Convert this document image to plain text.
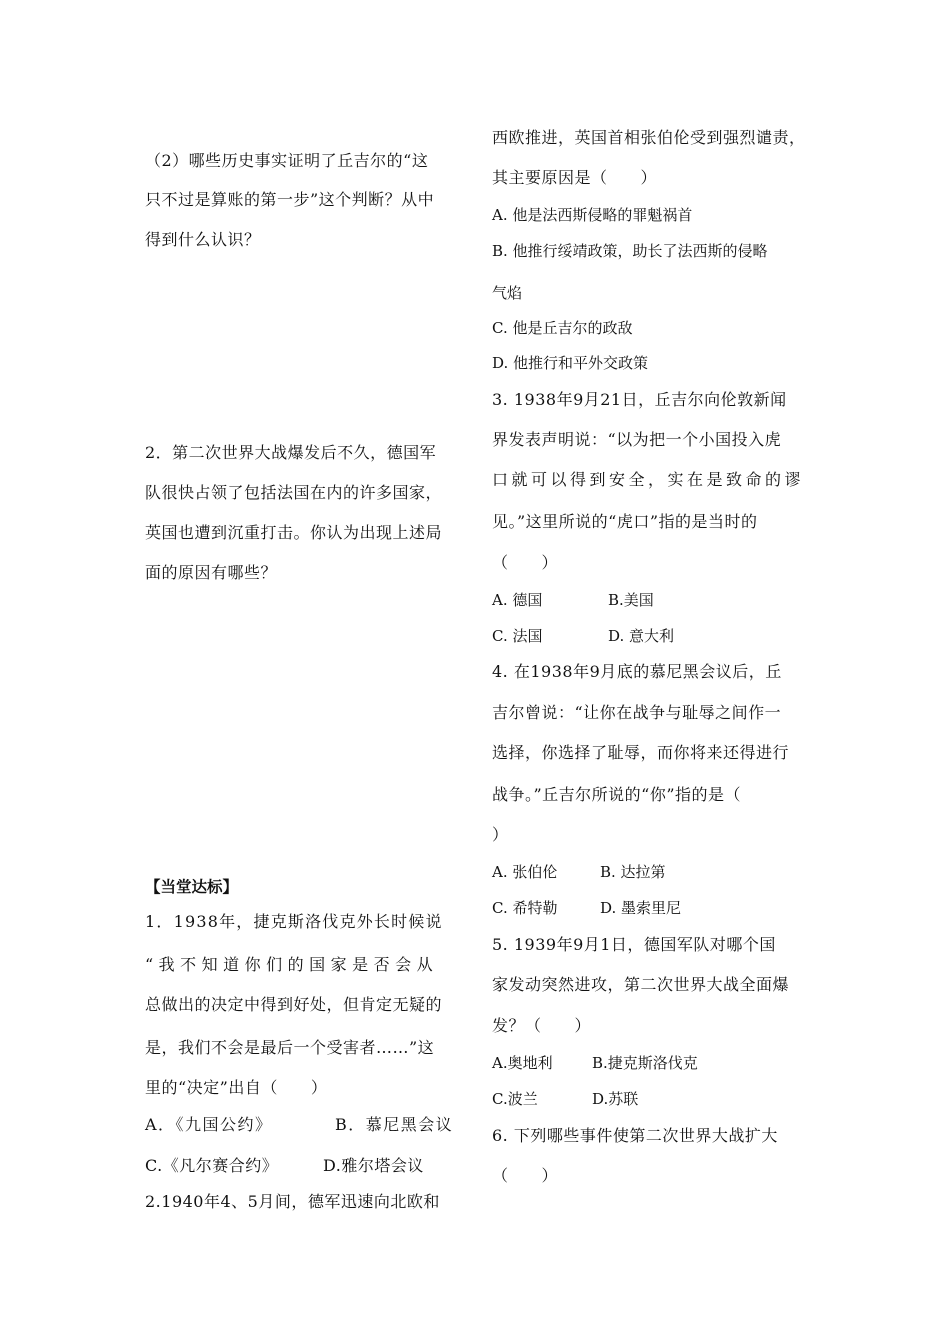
（2）哪些历史事实证明了丘吉尔的“这
只不过是算账的第一步”这个判断？从中
得到什么认识？
2．第二次世界大战爆发后不久，德国军
队很快占领了包括法国在内的许多国家，
英国也遭到沉重打击。你认为出现上述局
面的原因有哪些？
【当堂达标】
1．1938年，捷克斯洛伐克外长时候说
“我不知道你们的国家是否会从
总做出的决定中得到好处，但肯定无疑的
是，我们不会是最后一个受害者……”这
里的“决定”出自（　　）
A．《九国公约》	B．慕尼黑会议
C.《凡尔赛合约》	D.雅尔塔会议
2.1940年4、5月间，德军迅速向北欧和
西欧推进，英国首相张伯伦受到强烈谴责，
其主要原因是（　　）
A. 他是法西斯侵略的罪魁祸首
B. 他推行绥靖政策，助长了法西斯的侵略
气焰
C. 他是丘吉尔的政敌
D. 他推行和平外交政策
3. 1938年9月21日，丘吉尔向伦敦新闻
界发表声明说：“以为把一个小国投入虎
口就可以得到安全，实在是致命的谬
见。”这里所说的“虎口”指的是当时的
（　　）
A. 德国	B.美国
C. 法国	D. 意大利
4. 在1938年9月底的慕尼黑会议后，丘
吉尔曾说：“让你在战争与耻辱之间作一
选择，你选择了耻辱，而你将来还得进行
战争。”丘吉尔所说的“你”指的是（
）
A. 张伯伦	B. 达拉第
C. 希特勒	D. 墨索里尼
5. 1939年9月1日，德国军队对哪个国
家发动突然进攻，第二次世界大战全面爆
发？（　　）
A.奥地利	B.捷克斯洛伐克
C.波兰	D.苏联
6. 下列哪些事件使第二次世界大战扩大
（　　）
